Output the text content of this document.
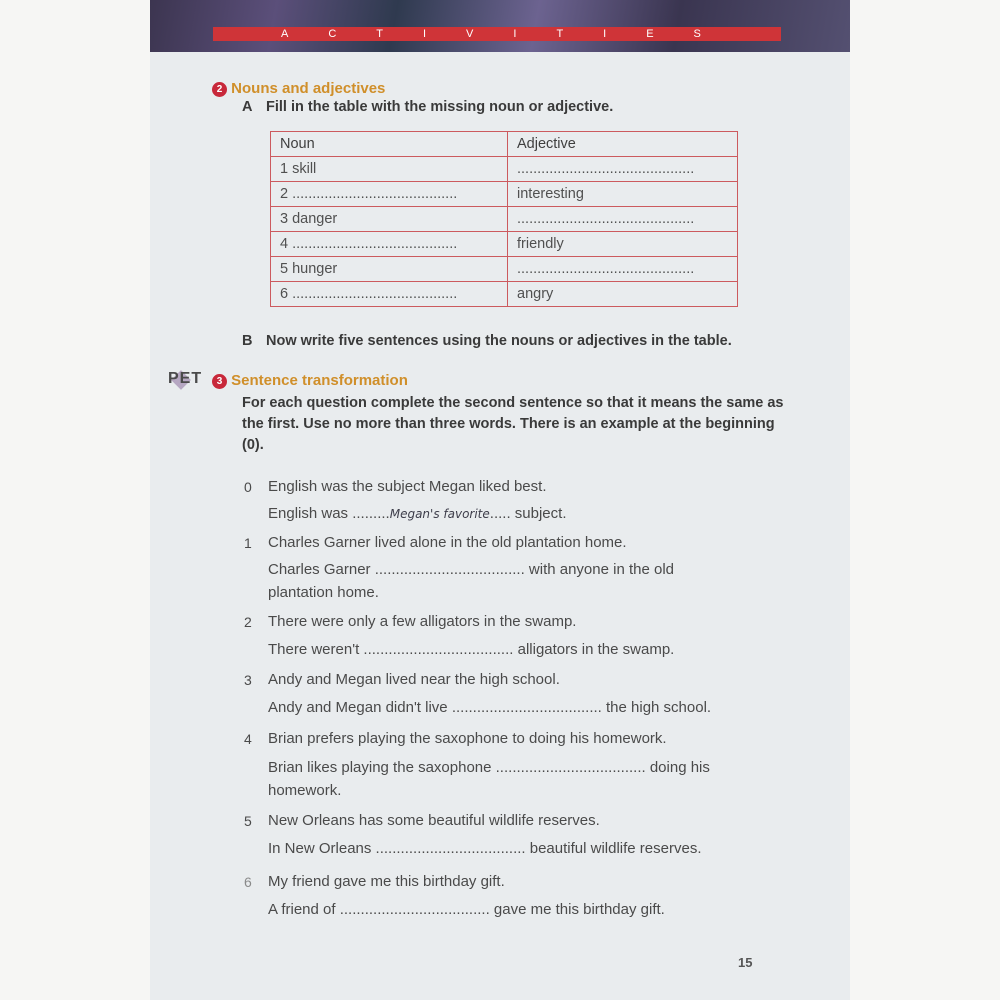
ACTIVITIES
2 Nouns and adjectives
A Fill in the table with the missing noun or adjective.
Noun	Adjective
1 skill	............................................
2 .........................................	interesting
3 danger	............................................
4 .........................................	friendly
5 hunger	............................................
6 .........................................	angry
B Now write five sentences using the nouns or adjectives in the table.
PET	3 Sentence transformation
For each question complete the second sentence so that it means the same as the first. Use no more than three words. There is an example at the beginning (0).
0 English was the subject Megan liked best.
English was .........Megan's favorite..... subject.
1 Charles Garner lived alone in the old plantation home.
Charles Garner .................................... with anyone in the old
plantation home.
2 There were only a few alligators in the swamp.
There weren't .................................... alligators in the swamp.
3 Andy and Megan lived near the high school.
Andy and Megan didn't live .................................... the high school.
4 Brian prefers playing the saxophone to doing his homework.
Brian likes playing the saxophone .................................... doing his
homework.
5 New Orleans has some beautiful wildlife reserves.
In New Orleans .................................... beautiful wildlife reserves.
6 My friend gave me this birthday gift.
A friend of .................................... gave me this birthday gift.
15
